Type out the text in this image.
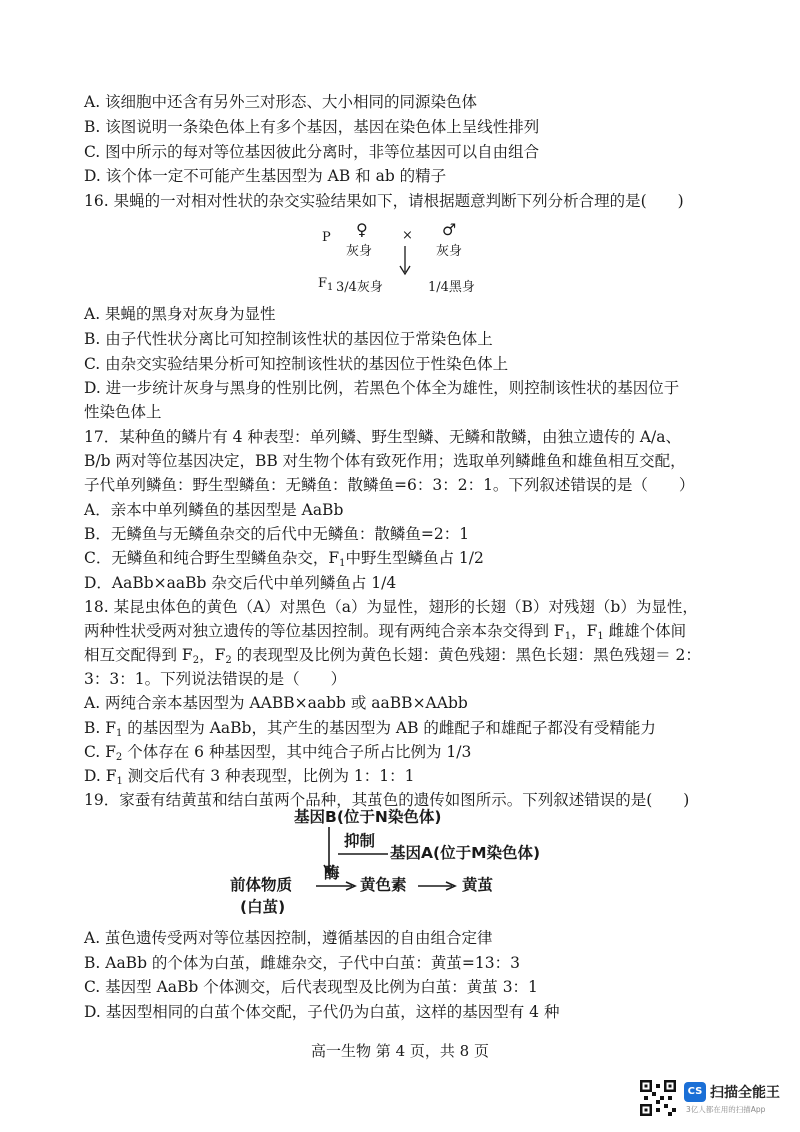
A. 该细胞中还含有另外三对形态、大小相同的同源染色体
B. 该图说明一条染色体上有多个基因，基因在染色体上呈线性排列
C. 图中所示的每对等位基因彼此分离时，非等位基因可以自由组合
D. 该个体一定不可能产生基因型为 AB 和 ab 的精子
16. 果蝇的一对相对性状的杂交实验结果如下，请根据题意判断下列分析合理的是(　　)
P ♀
灰身
× ♂
灰身
$F_1$ 3/4灰身	1/4黑身
A. 果蝇的黑身对灰身为显性
B. 由子代性状分离比可知控制该性状的基因位于常染色体上
C. 由杂交实验结果分析可知控制该性状的基因位于性染色体上
D. 进一步统计灰身与黑身的性别比例，若黑色个体全为雄性，则控制该性状的基因位于
性染色体上
17．某种鱼的鳞片有 4 种表型：单列鳞、野生型鳞、无鳞和散鳞，由独立遗传的 A/a、
B/b 两对等位基因决定，BB 对生物个体有致死作用；选取单列鳞雌鱼和雄鱼相互交配，
子代单列鳞鱼：野生型鳞鱼：无鳞鱼：散鳞鱼=6：3：2：1。下列叙述错误的是（　　）
A．亲本中单列鳞鱼的基因型是 AaBb
B．无鳞鱼与无鳞鱼杂交的后代中无鳞鱼：散鳞鱼=2：1
C．无鳞鱼和纯合野生型鳞鱼杂交，$F_1$中野生型鳞鱼占 1/2
D．AaBb×aaBb 杂交后代中单列鳞鱼占 1/4
18. 某昆虫体色的黄色（A）对黑色（a）为显性，翅形的长翅（B）对残翅（b）为显性，
两种性状受两对独立遗传的等位基因控制。现有两纯合亲本杂交得到 $F_1$，$F_1$ 雌雄个体间
相互交配得到 $F_2$，$F_2$ 的表现型及比例为黄色长翅：黄色残翅：黑色长翅：黑色残翅＝ 2：
3：3：1。下列说法错误的是（　　）
A. 两纯合亲本基因型为 AABB×aabb 或 aaBB×AAbb
B. $F_1$ 的基因型为 AaBb，其产生的基因型为 AB 的雌配子和雄配子都没有受精能力
C. $F_2$ 个体存在 6 种基因型，其中纯合子所占比例为 1/3
D. $F_1$ 测交后代有 3 种表现型，比例为 1：1：1
19．家蚕有结黄茧和结白茧两个品种，其茧色的遗传如图所示。下列叙述错误的是(　　)
基因B(位于N染色体)
抑制
基因A(位于M染色体)
前体物质
酶
黄色素	黄茧
(白茧)
A. 茧色遗传受两对等位基因控制，遵循基因的自由组合定律
B. AaBb 的个体为白茧，雌雄杂交，子代中白茧：黄茧=13：3
C. 基因型 AaBb 个体测交，后代表现型及比例为白茧：黄茧 3：1
D. 基因型相同的白茧个体交配，子代仍为白茧，这样的基因型有 4 种
高一生物 第 4 页，共 8 页
CS 扫描全能王
3亿人都在用的扫描App
